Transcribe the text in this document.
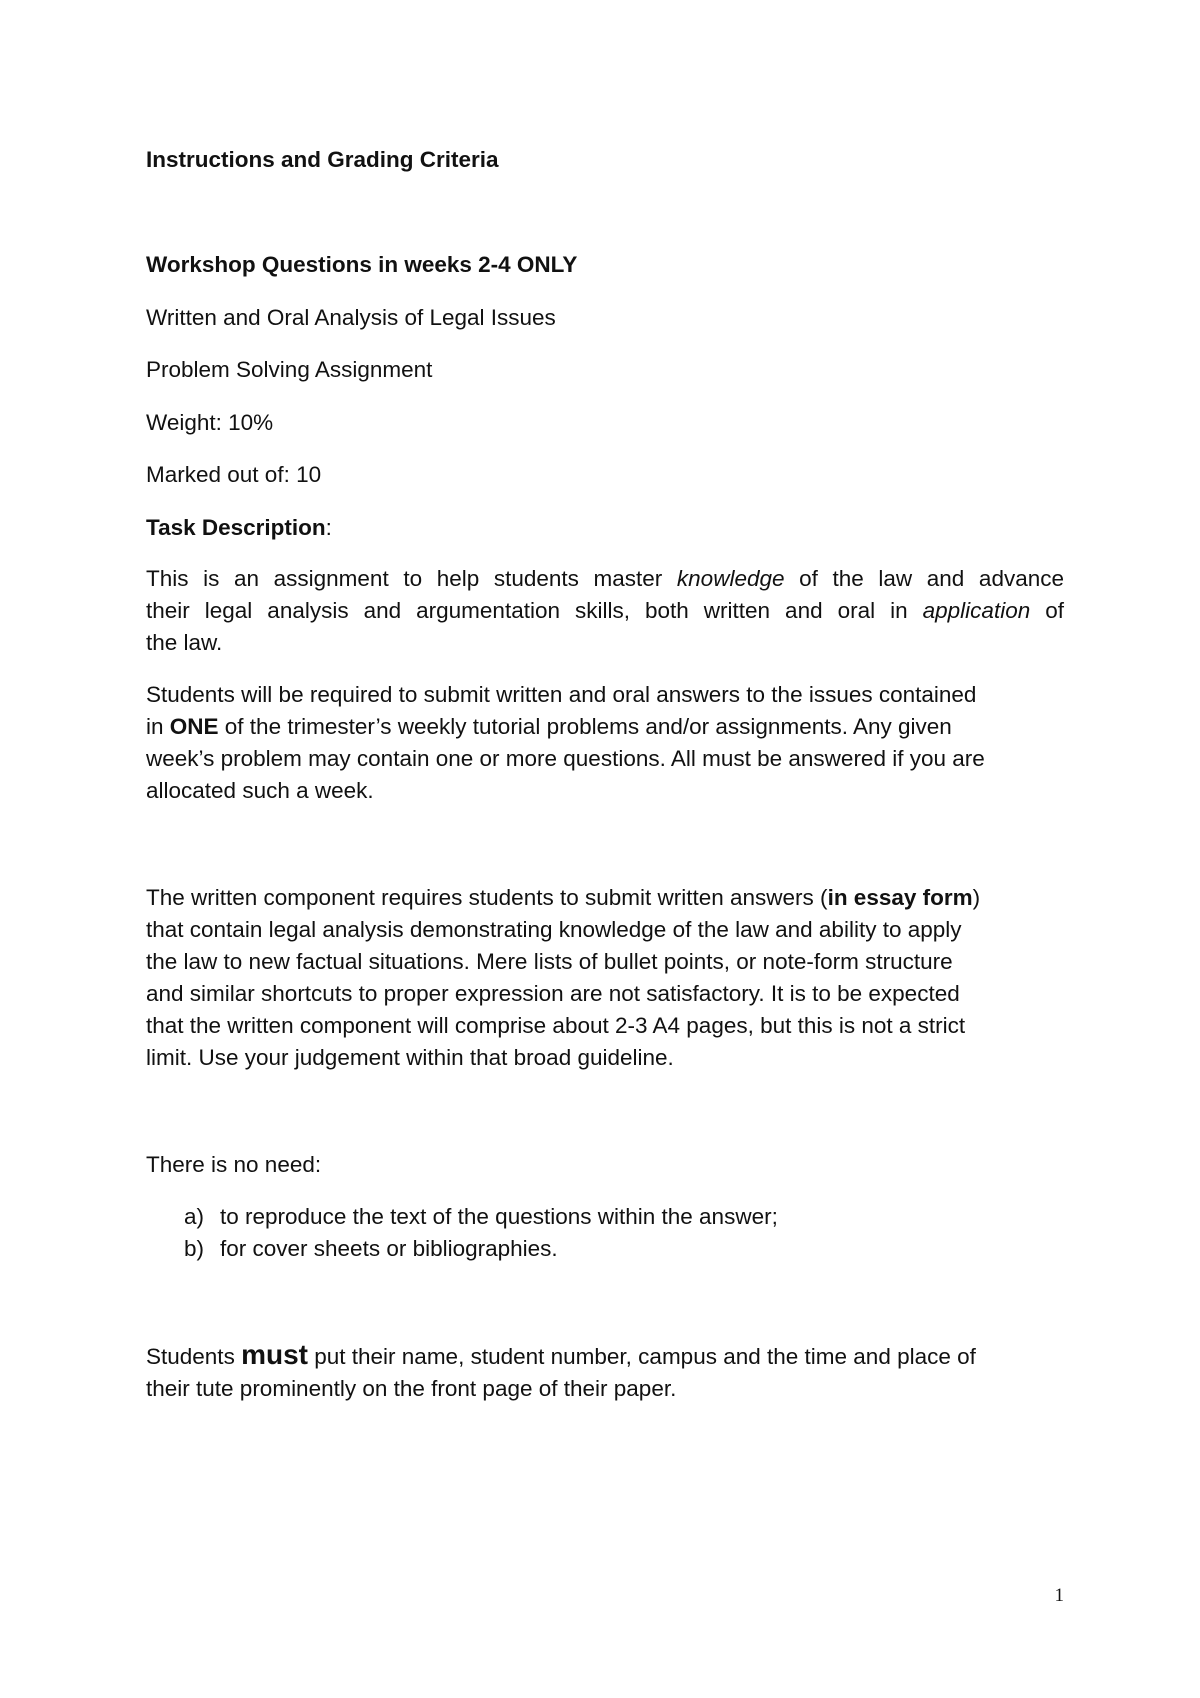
Instructions and Grading Criteria
Workshop Questions in weeks 2-4 ONLY
Written and Oral Analysis of Legal Issues
Problem Solving Assignment
Weight: 10%
Marked out of: 10
Task Description:
This is an assignment to help students master knowledge of the law and advance
their legal analysis and argumentation skills, both written and oral in application of
the law.
Students will be required to submit written and oral answers to the issues contained
in ONE of the trimester’s weekly tutorial problems and/or assignments. Any given
week’s problem may contain one or more questions. All must be answered if you are
allocated such a week.
The written component requires students to submit written answers (in essay form)
that contain legal analysis demonstrating knowledge of the law and ability to apply
the law to new factual situations. Mere lists of bullet points, or note-form structure
and similar shortcuts to proper expression are not satisfactory. It is to be expected
that the written component will comprise about 2-3 A4 pages, but this is not a strict
limit. Use your judgement within that broad guideline.
There is no need:
a) to reproduce the text of the questions within the answer;
b) for cover sheets or bibliographies.
Students must put their name, student number, campus and the time and place of
their tute prominently on the front page of their paper.
1
